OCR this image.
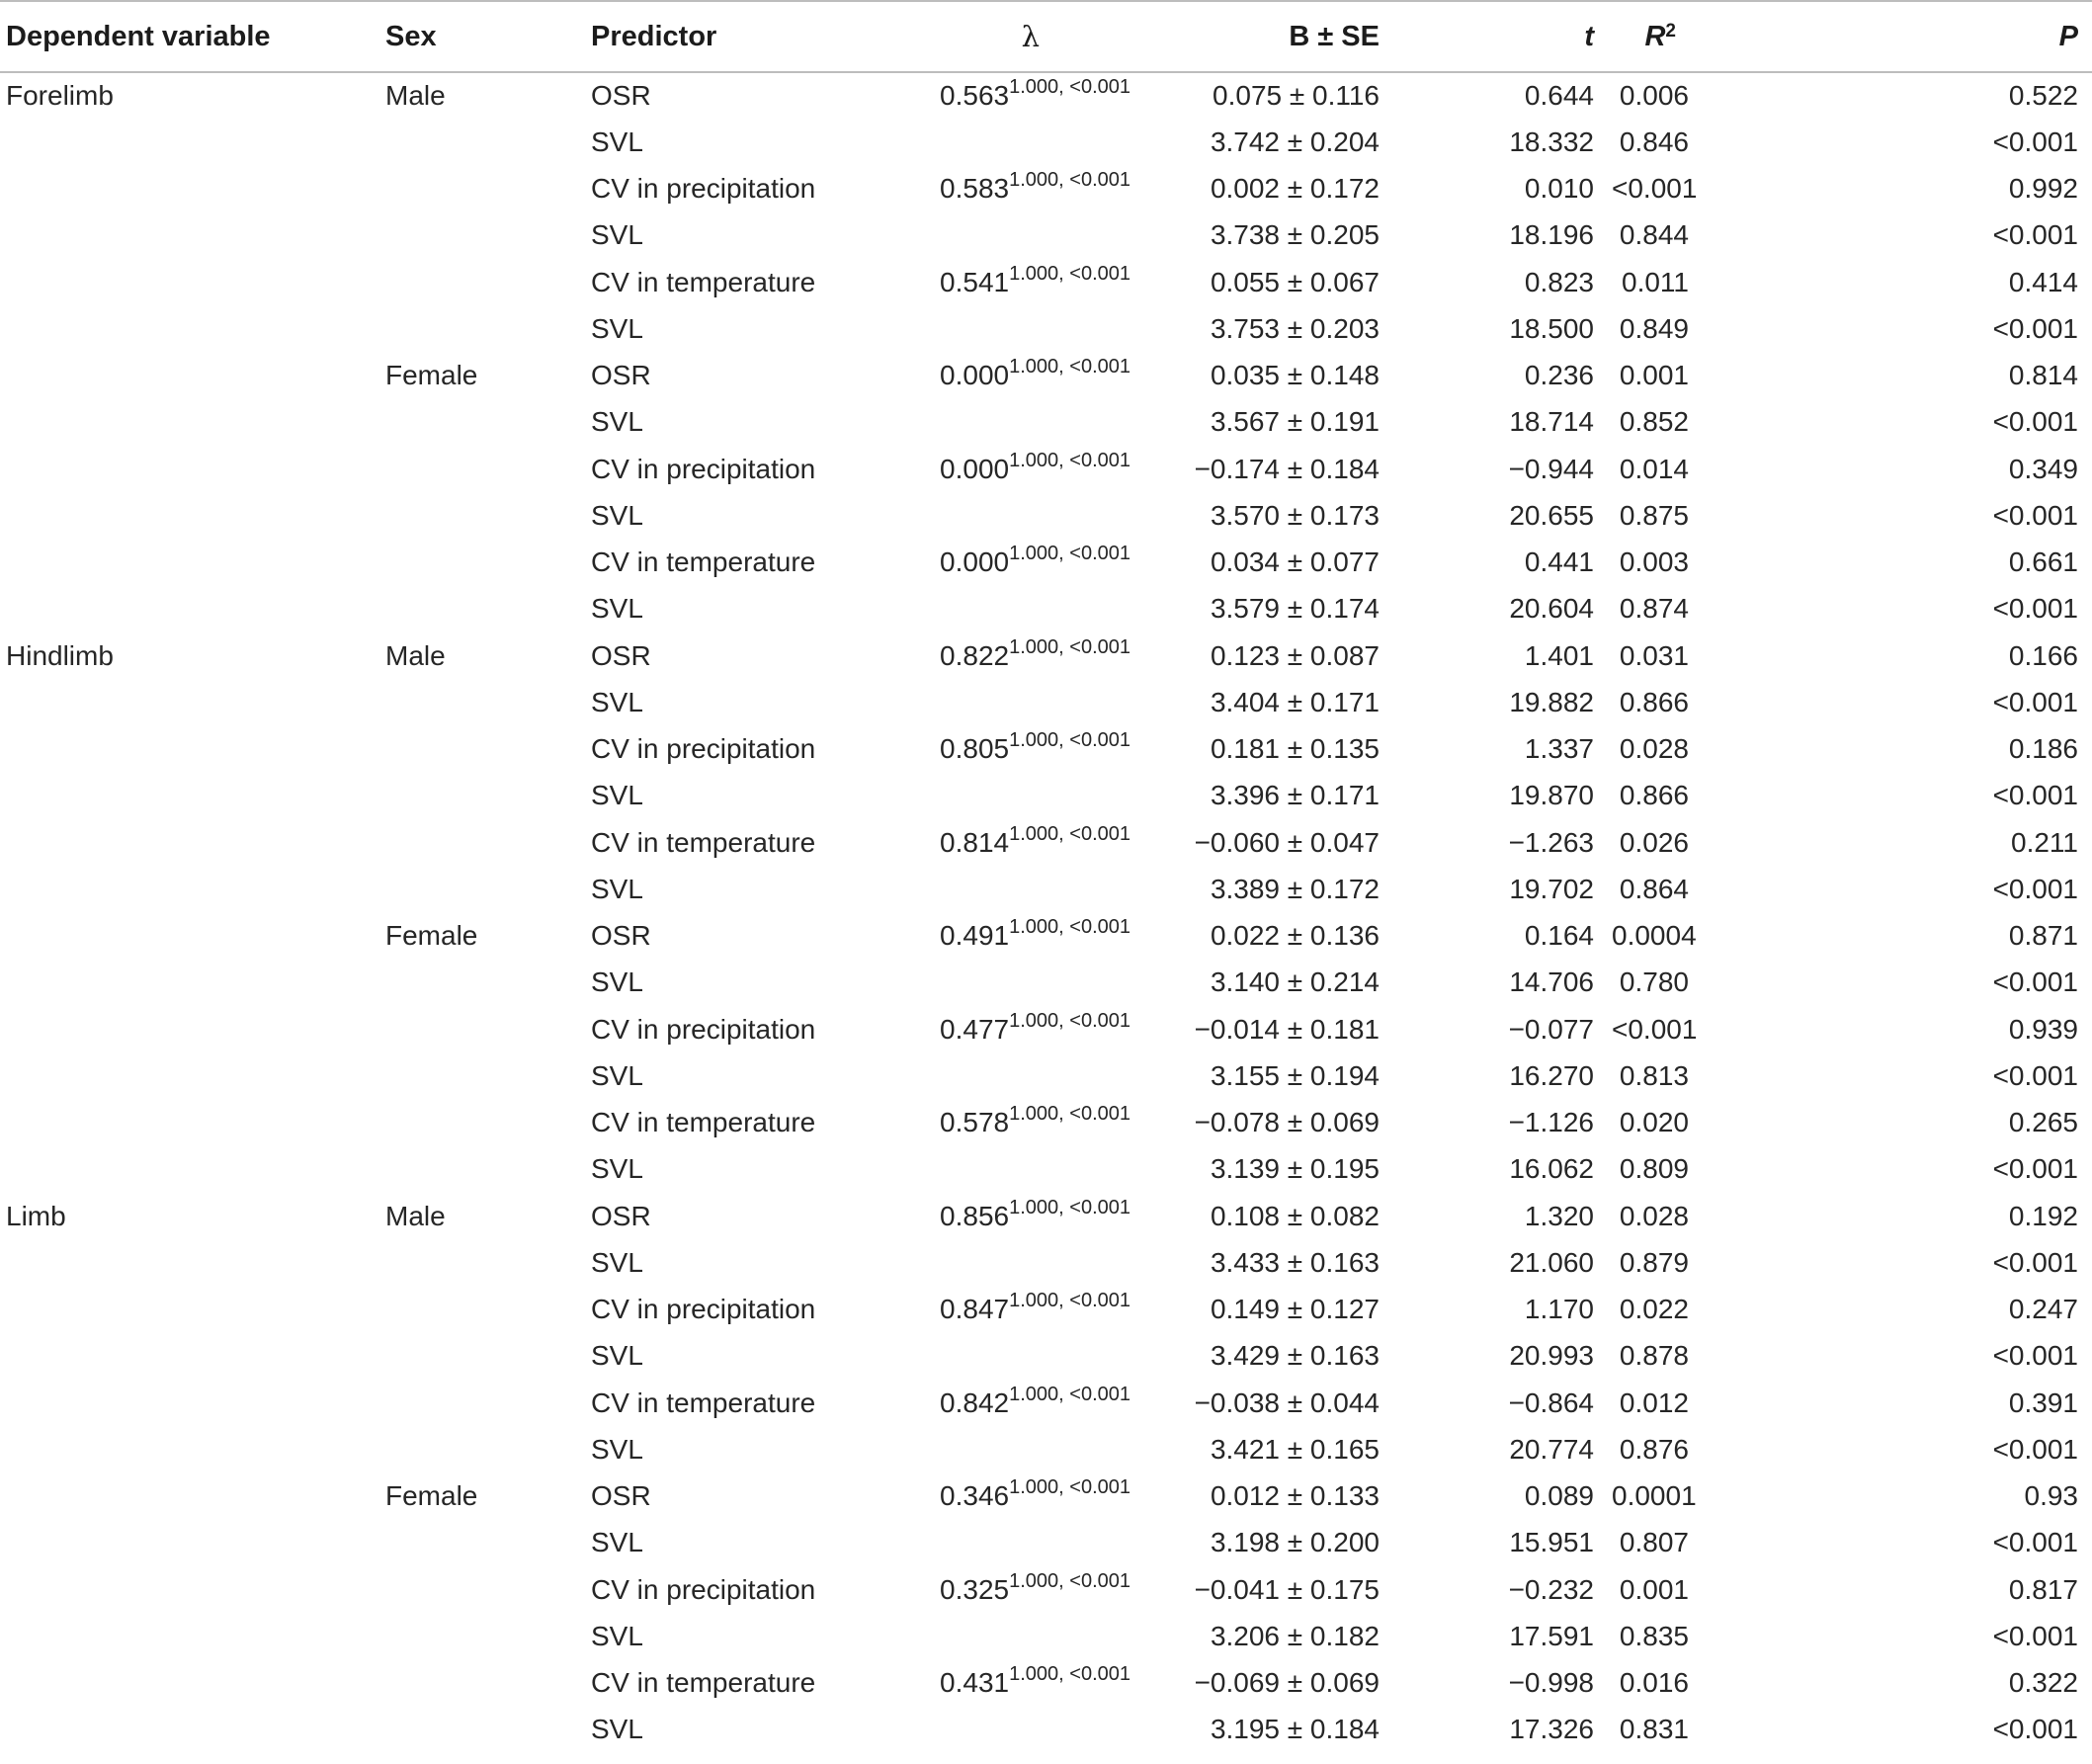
Dependent variable	Sex	Predictor	λ	B ± SE	t	$R^2$	P
Forelimb	Male	OSR	$0.563^{1.000, <0.001}$	0.075 ± 0.116	0.644	0.006	0.522
		SVL		3.742 ± 0.204	18.332	0.846	<0.001
		CV in precipitation	$0.583^{1.000, <0.001}$	0.002 ± 0.172	0.010	<0.001	0.992
		SVL		3.738 ± 0.205	18.196	0.844	<0.001
		CV in temperature	$0.541^{1.000, <0.001}$	0.055 ± 0.067	0.823	0.011	0.414
		SVL		3.753 ± 0.203	18.500	0.849	<0.001
	Female	OSR	$0.000^{1.000, <0.001}$	0.035 ± 0.148	0.236	0.001	0.814
		SVL		3.567 ± 0.191	18.714	0.852	<0.001
		CV in precipitation	$0.000^{1.000, <0.001}$	−0.174 ± 0.184	−0.944	0.014	0.349
		SVL		3.570 ± 0.173	20.655	0.875	<0.001
		CV in temperature	$0.000^{1.000, <0.001}$	0.034 ± 0.077	0.441	0.003	0.661
		SVL		3.579 ± 0.174	20.604	0.874	<0.001
Hindlimb	Male	OSR	$0.822^{1.000, <0.001}$	0.123 ± 0.087	1.401	0.031	0.166
		SVL		3.404 ± 0.171	19.882	0.866	<0.001
		CV in precipitation	$0.805^{1.000, <0.001}$	0.181 ± 0.135	1.337	0.028	0.186
		SVL		3.396 ± 0.171	19.870	0.866	<0.001
		CV in temperature	$0.814^{1.000, <0.001}$	−0.060 ± 0.047	−1.263	0.026	0.211
		SVL		3.389 ± 0.172	19.702	0.864	<0.001
	Female	OSR	$0.491^{1.000, <0.001}$	0.022 ± 0.136	0.164	0.0004	0.871
		SVL		3.140 ± 0.214	14.706	0.780	<0.001
		CV in precipitation	$0.477^{1.000, <0.001}$	−0.014 ± 0.181	−0.077	<0.001	0.939
		SVL		3.155 ± 0.194	16.270	0.813	<0.001
		CV in temperature	$0.578^{1.000, <0.001}$	−0.078 ± 0.069	−1.126	0.020	0.265
		SVL		3.139 ± 0.195	16.062	0.809	<0.001
Limb	Male	OSR	$0.856^{1.000, <0.001}$	0.108 ± 0.082	1.320	0.028	0.192
		SVL		3.433 ± 0.163	21.060	0.879	<0.001
		CV in precipitation	$0.847^{1.000, <0.001}$	0.149 ± 0.127	1.170	0.022	0.247
		SVL		3.429 ± 0.163	20.993	0.878	<0.001
		CV in temperature	$0.842^{1.000, <0.001}$	−0.038 ± 0.044	−0.864	0.012	0.391
		SVL		3.421 ± 0.165	20.774	0.876	<0.001
	Female	OSR	$0.346^{1.000, <0.001}$	0.012 ± 0.133	0.089	0.0001	0.93
		SVL		3.198 ± 0.200	15.951	0.807	<0.001
		CV in precipitation	$0.325^{1.000, <0.001}$	−0.041 ± 0.175	−0.232	0.001	0.817
		SVL		3.206 ± 0.182	17.591	0.835	<0.001
		CV in temperature	$0.431^{1.000, <0.001}$	−0.069 ± 0.069	−0.998	0.016	0.322
		SVL		3.195 ± 0.184	17.326	0.831	<0.001
